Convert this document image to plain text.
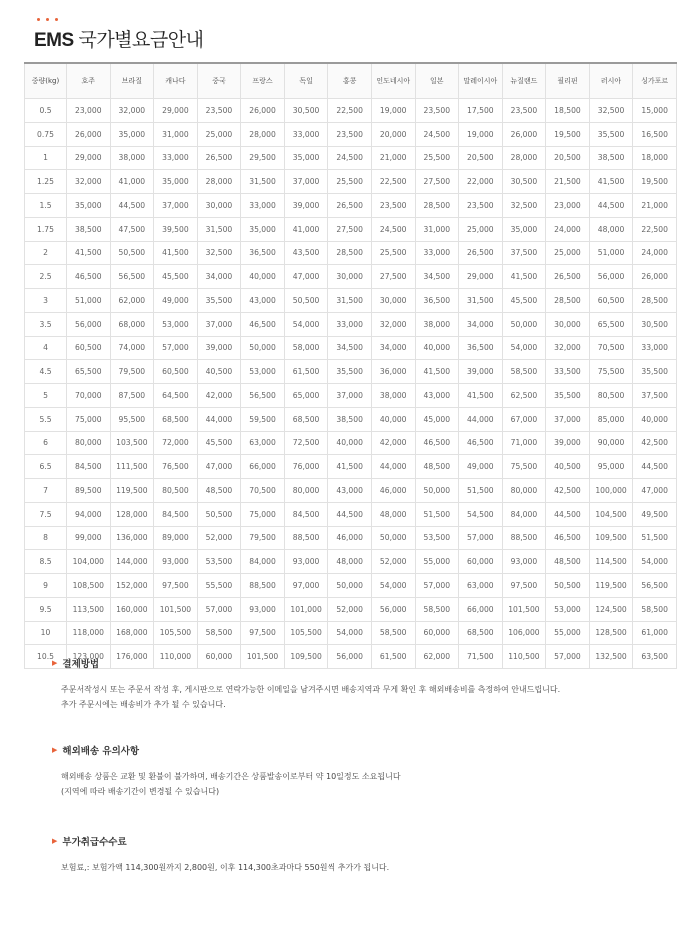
EMS 국가별요금안내
중량(kg)	호주	브라질	캐나다	중국	프랑스	독일	홍콩	인도네시아	일본	말레이시아	뉴질랜드	필리핀	러시아	싱가포르
0.5	23,000	32,000	29,000	23,500	26,000	30,500	22,500	19,000	23,500	17,500	23,500	18,500	32,500	15,000
0.75	26,000	35,000	31,000	25,000	28,000	33,000	23,500	20,000	24,500	19,000	26,000	19,500	35,500	16,500
1	29,000	38,000	33,000	26,500	29,500	35,000	24,500	21,000	25,500	20,500	28,000	20,500	38,500	18,000
1.25	32,000	41,000	35,000	28,000	31,500	37,000	25,500	22,500	27,500	22,000	30,500	21,500	41,500	19,500
1.5	35,000	44,500	37,000	30,000	33,000	39,000	26,500	23,500	28,500	23,500	32,500	23,000	44,500	21,000
1.75	38,500	47,500	39,500	31,500	35,000	41,000	27,500	24,500	31,000	25,000	35,000	24,000	48,000	22,500
2	41,500	50,500	41,500	32,500	36,500	43,500	28,500	25,500	33,000	26,500	37,500	25,000	51,000	24,000
2.5	46,500	56,500	45,500	34,000	40,000	47,000	30,000	27,500	34,500	29,000	41,500	26,500	56,000	26,000
3	51,000	62,000	49,000	35,500	43,000	50,500	31,500	30,000	36,500	31,500	45,500	28,500	60,500	28,500
3.5	56,000	68,000	53,000	37,000	46,500	54,000	33,000	32,000	38,000	34,000	50,000	30,000	65,500	30,500
4	60,500	74,000	57,000	39,000	50,000	58,000	34,500	34,000	40,000	36,500	54,000	32,000	70,500	33,000
4.5	65,500	79,500	60,500	40,500	53,000	61,500	35,500	36,000	41,500	39,000	58,500	33,500	75,500	35,500
5	70,000	87,500	64,500	42,000	56,500	65,000	37,000	38,000	43,000	41,500	62,500	35,500	80,500	37,500
5.5	75,000	95,500	68,500	44,000	59,500	68,500	38,500	40,000	45,000	44,000	67,000	37,000	85,000	40,000
6	80,000	103,500	72,000	45,500	63,000	72,500	40,000	42,000	46,500	46,500	71,000	39,000	90,000	42,500
6.5	84,500	111,500	76,500	47,000	66,000	76,000	41,500	44,000	48,500	49,000	75,500	40,500	95,000	44,500
7	89,500	119,500	80,500	48,500	70,500	80,000	43,000	46,000	50,000	51,500	80,000	42,500	100,000	47,000
7.5	94,000	128,000	84,500	50,500	75,000	84,500	44,500	48,000	51,500	54,500	84,000	44,500	104,500	49,500
8	99,000	136,000	89,000	52,000	79,500	88,500	46,000	50,000	53,500	57,000	88,500	46,500	109,500	51,500
8.5	104,000	144,000	93,000	53,500	84,000	93,000	48,000	52,000	55,000	60,000	93,000	48,500	114,500	54,000
9	108,500	152,000	97,500	55,500	88,500	97,000	50,000	54,000	57,000	63,000	97,500	50,500	119,500	56,500
9.5	113,500	160,000	101,500	57,000	93,000	101,000	52,000	56,000	58,500	66,000	101,500	53,000	124,500	58,500
10	118,000	168,000	105,500	58,500	97,500	105,500	54,000	58,500	60,000	68,500	106,000	55,000	128,500	61,000
10.5	123,000	176,000	110,000	60,000	101,500	109,500	56,000	61,500	62,000	71,500	110,500	57,000	132,500	63,500
▶ 결제방법

주문서작성시 또는 주문서 작성 후, 게시판으로 연락가능한 이메일을 남겨주시면 배송지역과 무게 확인 후 해외배송비를 측정하여 안내드립니다.

추가 주문시에는 배송비가 추가 될 수 있습니다.

▶ 해외배송 유의사항

해외배송 상품은 교환 및 환불이 불가하며, 배송기간은 상품발송이로부터 약 10일정도 소요됩니다

(지역에 따라 배송기간이 변경될 수 있습니다)

▶ 부가취급수수료

보험료,: 보험가액 114,300원까지 2,800원, 이후 114,300초과마다 550원씩 추가가 됩니다.
